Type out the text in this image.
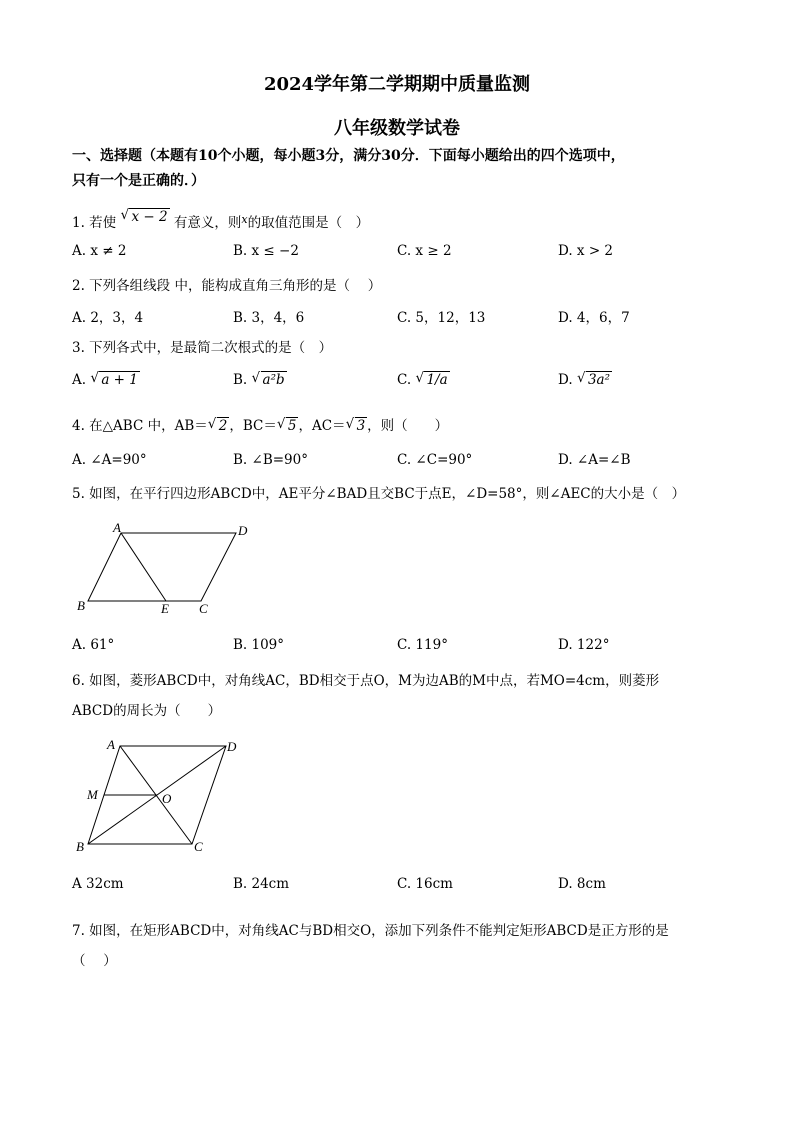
2024学年第二学期期中质量监测
八年级数学试卷
一、选择题（本题有10个小题，每小题3分，满分30分．下面每小题给出的四个选项中，
只有一个是正确的．）
1. 若使 √ x − 2 有意义，则$^x$的取值范围是（　）
A. x ≠ 2	B. x ≤ −2	C. x ≥ 2	D. x > 2
2. 下列各组线段 中，能构成直角三角形的是（　 ）
A. 2，3，4	B. 3，4，6	C. 5，12，13	D. 4，6，7
3. 下列各式中，是最简二次根式的是（　）
A. √ a + 1	B. √ a²b	C. √ 1/a	D. √ 3a²
4. 在△ABC 中，AB＝ √ 2 ，BC＝ √ 5 ，AC＝ √ 3 ，则（　　）
A. ∠A=90°	B. ∠B=90°	C. ∠C=90°	D. ∠A=∠B
5. 如图，在平行四边形ABCD中，AE平分∠BAD且交BC于点E，∠D=58°，则∠AEC的大小是（　）
A	D
B	E C
A. 61°	B. 109°	C. 119°	D. 122°
6. 如图，菱形ABCD中，对角线AC，BD相交于点O，M为边AB的M中点，若MO=4cm，则菱形
ABCD的周长为（　　）
A	D
M	O
B	C
A 32cm	B. 24cm	C. 16cm	D. 8cm
7. 如图，在矩形ABCD中，对角线AC与BD相交O，添加下列条件不能判定矩形ABCD是正方形的是
（　 ）
